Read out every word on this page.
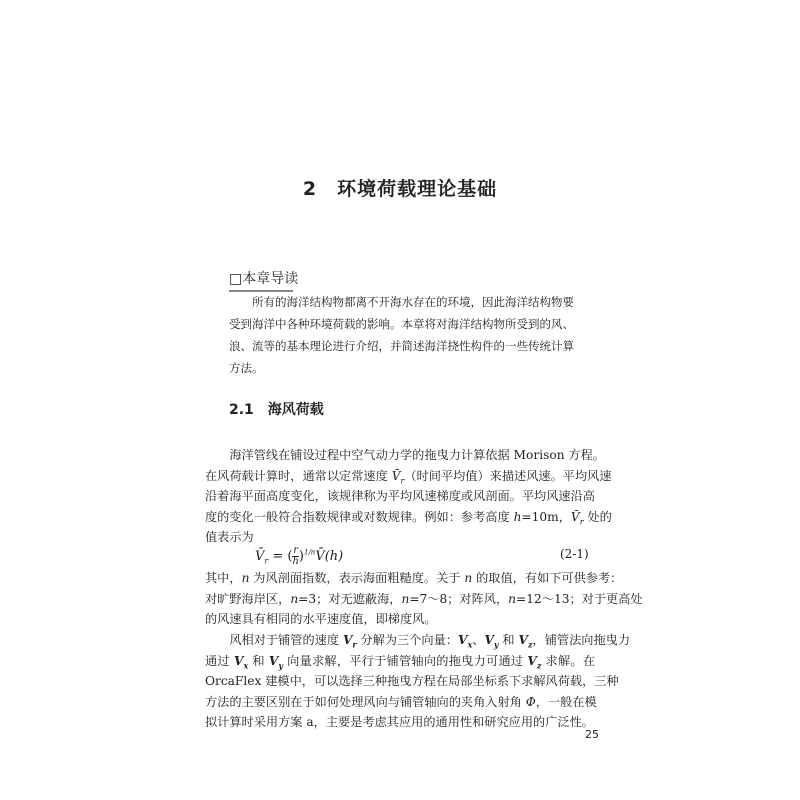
2　环境荷载理论基础
□本章导读
　　所有的海洋结构物都离不开海水存在的环境，因此海洋结构物要
受到海洋中各种环境荷载的影响。本章将对海洋结构物所受到的风、
浪、流等的基本理论进行介绍，并简述海洋挠性构件的一些传统计算
方法。
2.1　海风荷载
　　海洋管线在铺设过程中空气动力学的拖曳力计算依据 Morison 方程。
在风荷载计算时，通常以定常速度 $V̄_r$（时间平均值）来描述风速。平均风速
沿着海平面高度变化，该规律称为平均风速梯度或风剖面。平均风速沿高
度的变化一般符合指数规律或对数规律。例如：参考高度 h=10m，$V̄_r$ 处的
值表示为
其中，n 为风剖面指数，表示海面粗糙度。关于 n 的取值，有如下可供参考：
对旷野海岸区，n=3；对无遮蔽海，n=7～8；对阵风，n=12～13；对于更高处
的风速具有相同的水平速度值，即梯度风。
　　风相对于铺管的速度 $V_r$ 分解为三个向量：$V_x$、$V_y$ 和 $V_z$，铺管法向拖曳力
通过 $V_x$ 和 $V_y$ 向量求解，平行于铺管轴向的拖曳力可通过 $V_z$ 求解。在
OrcaFlex 建模中，可以选择三种拖曳方程在局部坐标系下求解风荷载，三种
方法的主要区别在于如何处理风向与铺管轴向的夹角入射角 Φ，一般在模
拟计算时采用方案 a，主要是考虑其应用的通用性和研究应用的广泛性。
$V̄_r$ = ( $\frac{r}{h}$ )$^{1/n}$V̄(h)	(2-1)
25
